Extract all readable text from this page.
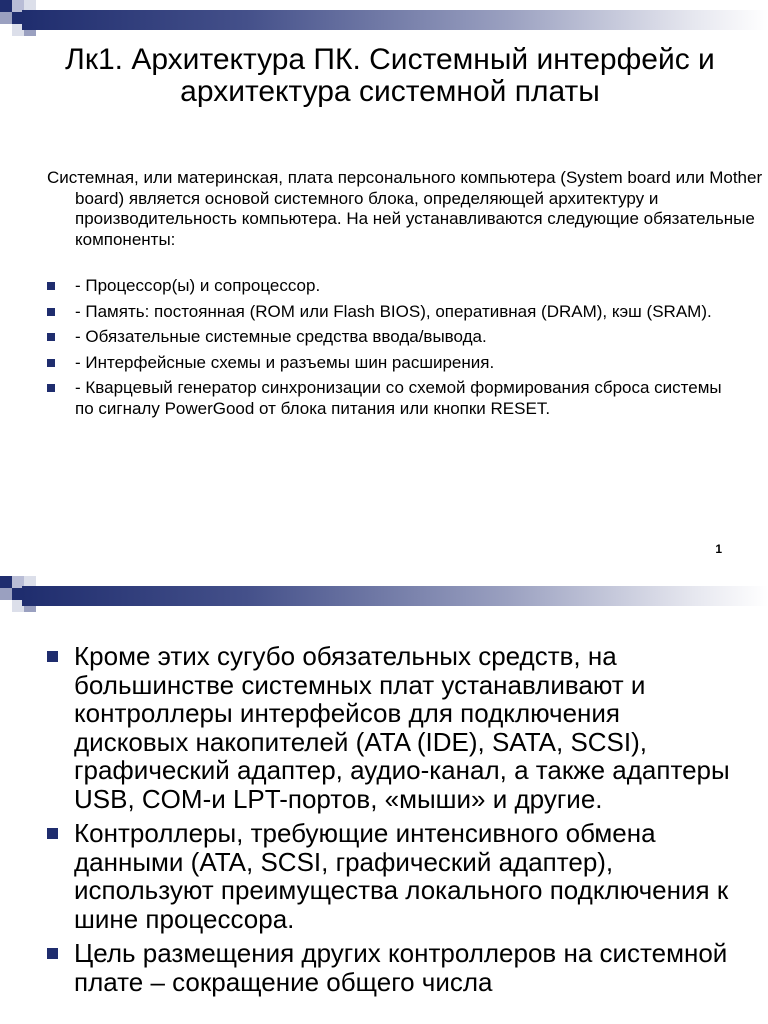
Лк1. Архитектура ПК. Системный интерфейс и архитектура системной платы

Системная, или материнская, плата персонального компьютера (System board или Mother board) является основой системного блока, определяющей архитектуру и производительность компьютера. На ней устанавливаются следующие обязательные компоненты:

- Процессор(ы) и сопроцессор.
- Память: постоянная (ROM или Flash BIOS), оперативная (DRAM), кэш (SRAM).
- Обязательные системные средства ввода/вывода.
- Интерфейсные схемы и разъемы шин расширения.
- Кварцевый генератор синхронизации со схемой формирования сброса системы по сигналу PowerGood от блока питания или кнопки RESET.
1
Кроме этих сугубо обязательных средств, на большинстве системных плат устанавливают и контроллеры интерфейсов для подключения дисковых накопителей (ATA (IDE), SATA, SCSI), графический адаптер, аудио-канал, а также адаптеры USB, COM-и LPT-портов, «мыши» и другие.
Контроллеры, требующие интенсивного обмена данными (ATA, SCSI, графический адаптер), используют преимущества локального подключения к шине процессора.
Цель размещения других контроллеров на системной плате – сокращение общего числа
